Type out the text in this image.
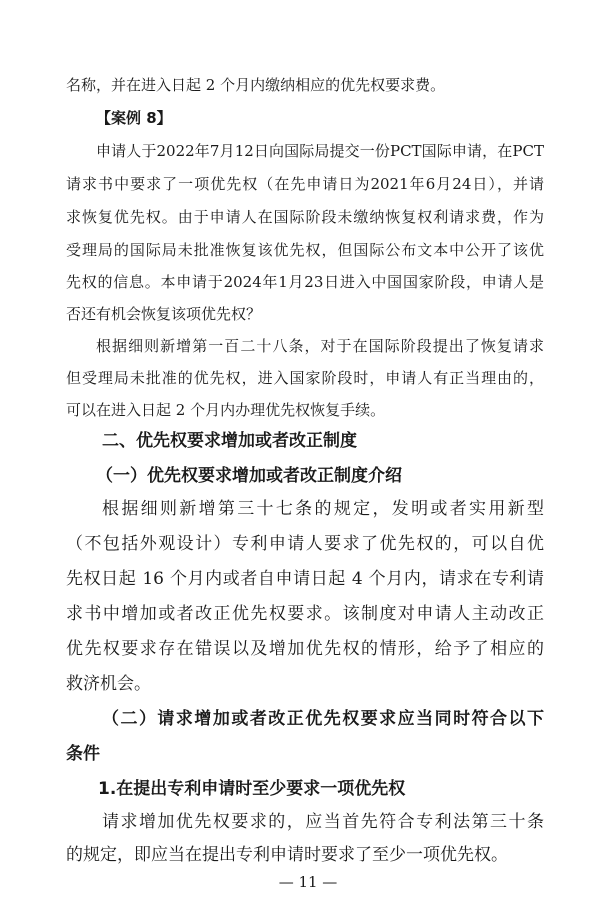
名称，并在进入日起 2 个月内缴纳相应的优先权要求费。
【案例 8】
申请人于2022年7月12日向国际局提交一份PCT国际申请，在PCT
请求书中要求了一项优先权（在先申请日为2021年6月24日），并请
求恢复优先权。由于申请人在国际阶段未缴纳恢复权利请求费，作为
受理局的国际局未批准恢复该优先权，但国际公布文本中公开了该优
先权的信息。本申请于2024年1月23日进入中国国家阶段，申请人是
否还有机会恢复该项优先权？
根据细则新增第一百二十八条，对于在国际阶段提出了恢复请求
但受理局未批准的优先权，进入国家阶段时，申请人有正当理由的，
可以在进入日起 2 个月内办理优先权恢复手续。
二、优先权要求增加或者改正制度
（一）优先权要求增加或者改正制度介绍
根据细则新增第三十七条的规定，发明或者实用新型
（不包括外观设计）专利申请人要求了优先权的，可以自优
先权日起 16 个月内或者自申请日起 4 个月内，请求在专利请
求书中增加或者改正优先权要求。该制度对申请人主动改正
优先权要求存在错误以及增加优先权的情形，给予了相应的
救济机会。
（二）请求增加或者改正优先权要求应当同时符合以下
条件
1.在提出专利申请时至少要求一项优先权
请求增加优先权要求的，应当首先符合专利法第三十条
的规定，即应当在提出专利申请时要求了至少一项优先权。
— 11 —
